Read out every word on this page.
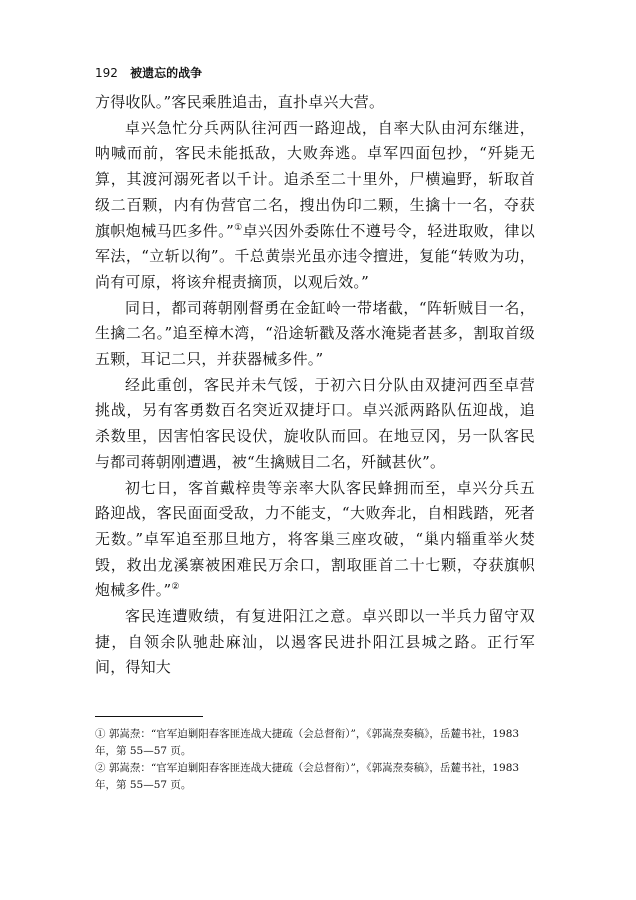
192 被遗忘的战争

方得收队。”客民乘胜追击，直扑卓兴大营。

卓兴急忙分兵两队往河西一路迎战，自率大队由河东继进，呐喊而前，客民未能抵敌，大败奔逃。卓军四面包抄，“歼毙无算，其渡河溺死者以千计。追杀至二十里外，尸横遍野，斩取首级二百颗，内有伪营官二名，搜出伪印二颗，生擒十一名，夺获旗帜炮械马匹多件。”①卓兴因外委陈仕不遵号令，轻进取败，律以军法，“立斩以徇”。千总黄崇光虽亦违令擅进，复能“转败为功，尚有可原，将该弁棍责摘顶，以观后效。”

同日，都司蒋朝刚督勇在金缸岭一带堵截，“阵斩贼目一名，生擒二名。”追至樟木湾，“沿途斩戳及落水淹毙者甚多，割取首级五颗，耳记二只，并获器械多件。”

经此重创，客民并未气馁，于初六日分队由双捷河西至卓营挑战，另有客勇数百名突近双捷圩口。卓兴派两路队伍迎战，追杀数里，因害怕客民设伏，旋收队而回。在地豆冈，另一队客民与都司蒋朝刚遭遇，被“生擒贼目二名，歼馘甚伙”。

初七日，客首戴梓贵等亲率大队客民蜂拥而至，卓兴分兵五路迎战，客民面面受敌，力不能支，“大败奔北，自相践踏，死者无数。”卓军追至那旦地方，将客巢三座攻破，“巢内辎重举火焚毁，救出龙溪寨被困难民万余口，割取匪首二十七颗，夺获旗帜炮械多件。”②

客民连遭败绩，有复进阳江之意。卓兴即以一半兵力留守双捷，自领余队驰赴麻汕，以遏客民进扑阳江县城之路。正行军间，得知大

① 郭嵩焘：“官军迫剿阳春客匪连战大捷疏（会总督衔）”，《郭嵩焘奏稿》，岳麓书社，1983 年，第 55—57 页。

② 郭嵩焘：“官军迫剿阳春客匪连战大捷疏（会总督衔）”，《郭嵩焘奏稿》，岳麓书社，1983 年，第 55—57 页。
